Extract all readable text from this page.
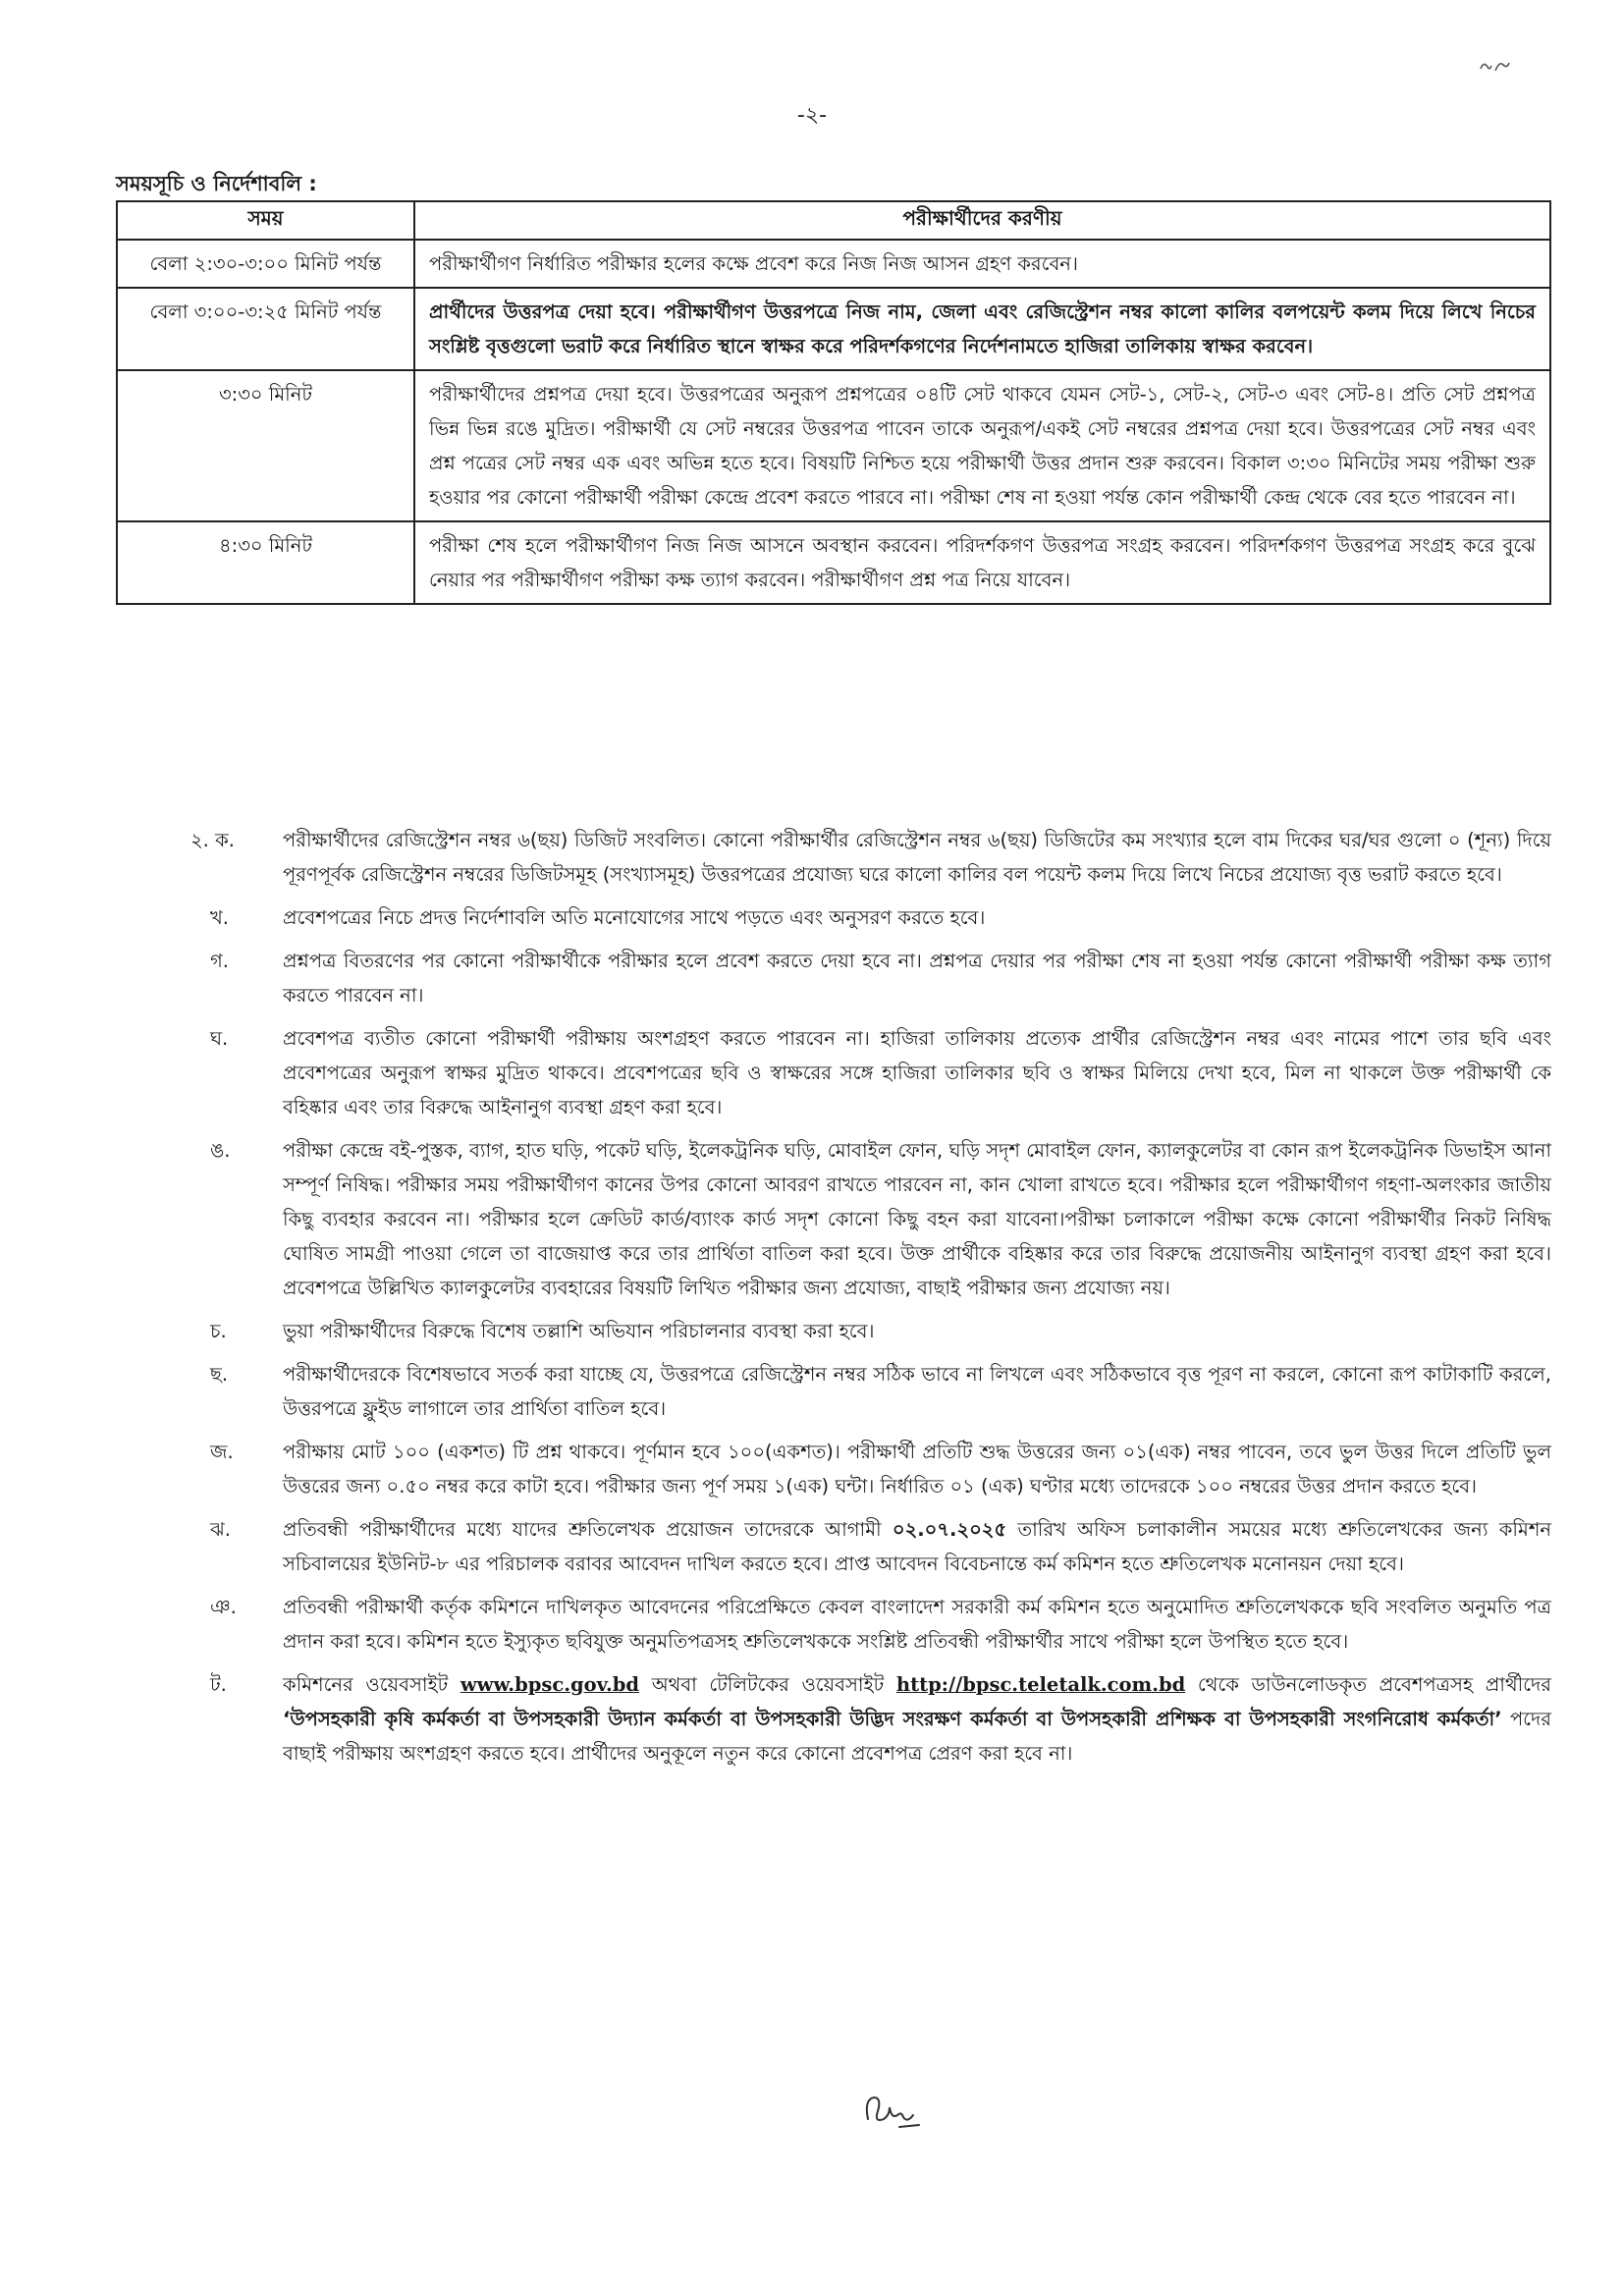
-২-
সময়সূচি ও নির্দেশাবলি :
সময়	পরীক্ষার্থীদের করণীয়
বেলা ২:৩০-৩:০০ মিনিট পর্যন্ত	পরীক্ষার্থীগণ নির্ধারিত পরীক্ষার হলের কক্ষে প্রবেশ করে নিজ নিজ আসন গ্রহণ করবেন।
বেলা ৩:০০-৩:২৫ মিনিট পর্যন্ত	প্রার্থীদের উত্তরপত্র দেয়া হবে। পরীক্ষার্থীগণ উত্তরপত্রে নিজ নাম, জেলা এবং রেজিস্ট্রেশন নম্বর কালো কালির বলপয়েন্ট কলম দিয়ে লিখে নিচের সংশ্লিষ্ট বৃত্তগুলো ভরাট করে নির্ধারিত স্থানে স্বাক্ষর করে পরিদর্শকগণের নির্দেশনামতে হাজিরা তালিকায় স্বাক্ষর করবেন।
৩:৩০ মিনিট	পরীক্ষার্থীদের প্রশ্নপত্র দেয়া হবে। উত্তরপত্রের অনুরূপ প্রশ্নপত্রের ০৪টি সেট থাকবে যেমন সেট-১, সেট-২, সেট-৩ এবং সেট-৪। প্রতি সেট প্রশ্নপত্র ভিন্ন ভিন্ন রঙে মুদ্রিত। পরীক্ষার্থী যে সেট নম্বরের উত্তরপত্র পাবেন তাকে অনুরূপ/একই সেট নম্বরের প্রশ্নপত্র দেয়া হবে। উত্তরপত্রের সেট নম্বর এবং প্রশ্ন পত্রের সেট নম্বর এক এবং অভিন্ন হতে হবে। বিষয়টি নিশ্চিত হয়ে পরীক্ষার্থী উত্তর প্রদান শুরু করবেন। বিকাল ৩:৩০ মিনিটের সময় পরীক্ষা শুরু হওয়ার পর কোনো পরীক্ষার্থী পরীক্ষা কেন্দ্রে প্রবেশ করতে পারবে না। পরীক্ষা শেষ না হওয়া পর্যন্ত কোন পরীক্ষার্থী কেন্দ্র থেকে বের হতে পারবেন না।
৪:৩০ মিনিট	পরীক্ষা শেষ হলে পরীক্ষার্থীগণ নিজ নিজ আসনে অবস্থান করবেন। পরিদর্শকগণ উত্তরপত্র সংগ্রহ করবেন। পরিদর্শকগণ উত্তরপত্র সংগ্রহ করে বুঝে নেয়ার পর পরীক্ষার্থীগণ পরীক্ষা কক্ষ ত্যাগ করবেন। পরীক্ষার্থীগণ প্রশ্ন পত্র নিয়ে যাবেন।
২. ক.	পরীক্ষার্থীদের রেজিস্ট্রেশন নম্বর ৬(ছয়) ডিজিট সংবলিত। কোনো পরীক্ষার্থীর রেজিস্ট্রেশন নম্বর ৬(ছয়) ডিজিটের কম সংখ্যার হলে বাম দিকের ঘর/ঘর গুলো ০ (শূন্য) দিয়ে পূরণপূর্বক রেজিস্ট্রেশন নম্বরের ডিজিটসমূহ (সংখ্যাসমূহ) উত্তরপত্রের প্রযোজ্য ঘরে কালো কালির বল পয়েন্ট কলম দিয়ে লিখে নিচের প্রযোজ্য বৃত্ত ভরাট করতে হবে।
খ.	প্রবেশপত্রের নিচে প্রদত্ত নির্দেশাবলি অতি মনোযোগের সাথে পড়তে এবং অনুসরণ করতে হবে।
গ.	প্রশ্নপত্র বিতরণের পর কোনো পরীক্ষার্থীকে পরীক্ষার হলে প্রবেশ করতে দেয়া হবে না। প্রশ্নপত্র দেয়ার পর পরীক্ষা শেষ না হওয়া পর্যন্ত কোনো পরীক্ষার্থী পরীক্ষা কক্ষ ত্যাগ করতে পারবেন না।
ঘ.	প্রবেশপত্র ব্যতীত কোনো পরীক্ষার্থী পরীক্ষায় অংশগ্রহণ করতে পারবেন না। হাজিরা তালিকায় প্রত্যেক প্রার্থীর রেজিস্ট্রেশন নম্বর এবং নামের পাশে তার ছবি এবং প্রবেশপত্রের অনুরূপ স্বাক্ষর মুদ্রিত থাকবে। প্রবেশপত্রের ছবি ও স্বাক্ষরের সঙ্গে হাজিরা তালিকার ছবি ও স্বাক্ষর মিলিয়ে দেখা হবে, মিল না থাকলে উক্ত পরীক্ষার্থী কে বহিষ্কার এবং তার বিরুদ্ধে আইনানুগ ব্যবস্থা গ্রহণ করা হবে।
ঙ.	পরীক্ষা কেন্দ্রে বই-পুস্তক, ব্যাগ, হাত ঘড়ি, পকেট ঘড়ি, ইলেকট্রনিক ঘড়ি, মোবাইল ফোন, ঘড়ি সদৃশ মোবাইল ফোন, ক্যালকুলেটর বা কোন রূপ ইলেকট্রনিক ডিভাইস আনা সম্পূর্ণ নিষিদ্ধ। পরীক্ষার সময় পরীক্ষার্থীগণ কানের উপর কোনো আবরণ রাখতে পারবেন না, কান খোলা রাখতে হবে। পরীক্ষার হলে পরীক্ষার্থীগণ গহণা-অলংকার জাতীয় কিছু ব্যবহার করবেন না। পরীক্ষার হলে ক্রেডিট কার্ড/ব্যাংক কার্ড সদৃশ কোনো কিছু বহন করা যাবেনা।পরীক্ষা চলাকালে পরীক্ষা কক্ষে কোনো পরীক্ষার্থীর নিকট নিষিদ্ধ ঘোষিত সামগ্রী পাওয়া গেলে তা বাজেয়াপ্ত করে তার প্রার্থিতা বাতিল করা হবে। উক্ত প্রার্থীকে বহিষ্কার করে তার বিরুদ্ধে প্রয়োজনীয় আইনানুগ ব্যবস্থা গ্রহণ করা হবে। প্রবেশপত্রে উল্লিখিত ক্যালকুলেটর ব্যবহারের বিষয়টি লিখিত পরীক্ষার জন্য প্রযোজ্য, বাছাই পরীক্ষার জন্য প্রযোজ্য নয়।
চ.	ভুয়া পরীক্ষার্থীদের বিরুদ্ধে বিশেষ তল্লাশি অভিযান পরিচালনার ব্যবস্থা করা হবে।
ছ.	পরীক্ষার্থীদেরকে বিশেষভাবে সতর্ক করা যাচ্ছে যে, উত্তরপত্রে রেজিস্ট্রেশন নম্বর সঠিক ভাবে না লিখলে এবং সঠিকভাবে বৃত্ত পূরণ না করলে, কোনো রূপ কাটাকাটি করলে, উত্তরপত্রে ফ্লুইড লাগালে তার প্রার্থিতা বাতিল হবে।
জ.	পরীক্ষায় মোট ১০০ (একশত) টি প্রশ্ন থাকবে। পূর্ণমান হবে ১০০(একশত)। পরীক্ষার্থী প্রতিটি শুদ্ধ উত্তরের জন্য ০১(এক) নম্বর পাবেন, তবে ভুল উত্তর দিলে প্রতিটি ভুল উত্তরের জন্য ০.৫০ নম্বর করে কাটা হবে। পরীক্ষার জন্য পূর্ণ সময় ১(এক) ঘন্টা। নির্ধারিত ০১ (এক) ঘণ্টার মধ্যে তাদেরকে ১০০ নম্বরের উত্তর প্রদান করতে হবে।
ঝ.	প্রতিবন্ধী পরীক্ষার্থীদের মধ্যে যাদের শ্রুতিলেখক প্রয়োজন তাদেরকে আগামী ০২.০৭.২০২৫ তারিখ অফিস চলাকালীন সময়ের মধ্যে শ্রুতিলেখকের জন্য কমিশন সচিবালয়ের ইউনিট-৮ এর পরিচালক বরাবর আবেদন দাখিল করতে হবে। প্রাপ্ত আবেদন বিবেচনান্তে কর্ম কমিশন হতে শ্রুতিলেখক মনোনয়ন দেয়া হবে।
ঞ.	প্রতিবন্ধী পরীক্ষার্থী কর্তৃক কমিশনে দাখিলকৃত আবেদনের পরিপ্রেক্ষিতে কেবল বাংলাদেশ সরকারী কর্ম কমিশন হতে অনুমোদিত শ্রুতিলেখককে ছবি সংবলিত অনুমতি পত্র প্রদান করা হবে। কমিশন হতে ইস্যুকৃত ছবিযুক্ত অনুমতিপত্রসহ শ্রুতিলেখককে সংশ্লিষ্ট প্রতিবন্ধী পরীক্ষার্থীর সাথে পরীক্ষা হলে উপস্থিত হতে হবে।
ট.	কমিশনের ওয়েবসাইট www.bpsc.gov.bd অথবা টেলিটকের ওয়েবসাইট http://bpsc.teletalk.com.bd থেকে ডাউনলোডকৃত প্রবেশপত্রসহ প্রার্থীদের ‘উপসহকারী কৃষি কর্মকর্তা বা উপসহকারী উদ্যান কর্মকর্তা বা উপসহকারী উদ্ভিদ সংরক্ষণ কর্মকর্তা বা উপসহকারী প্রশিক্ষক বা উপসহকারী সংগনিরোধ কর্মকর্তা’ পদের বাছাই পরীক্ষায় অংশগ্রহণ করতে হবে। প্রার্থীদের অনুকূলে নতুন করে কোনো প্রবেশপত্র প্রেরণ করা হবে না।
